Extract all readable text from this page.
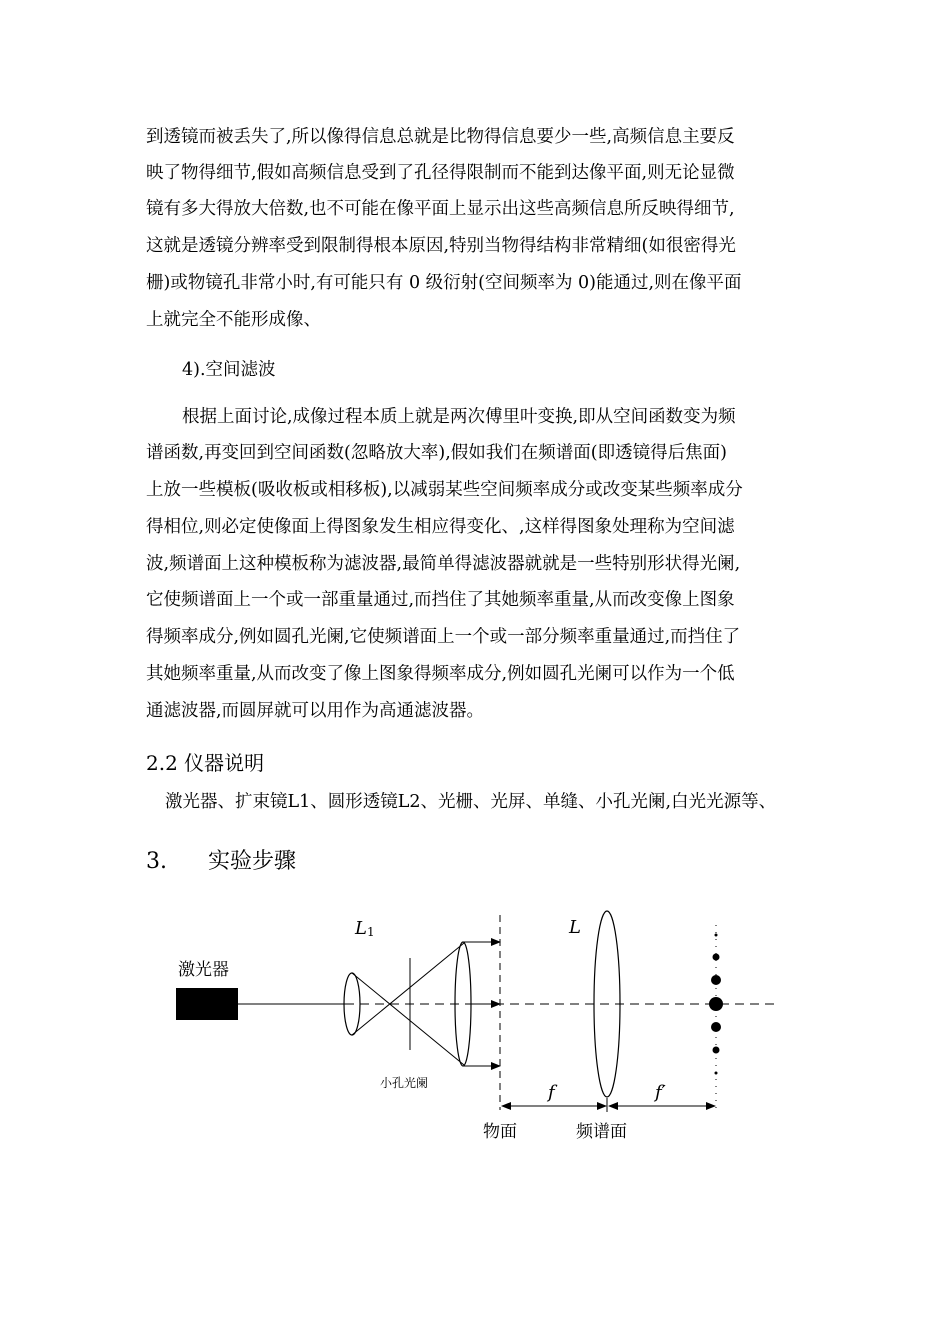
到透镜而被丢失了,所以像得信息总就是比物得信息要少一些,高频信息主要反
映了物得细节,假如高频信息受到了孔径得限制而不能到达像平面,则无论显微
镜有多大得放大倍数,也不可能在像平面上显示出这些高频信息所反映得细节,
这就是透镜分辨率受到限制得根本原因,特别当物得结构非常精细(如很密得光
栅)或物镜孔非常小时,有可能只有 0 级衍射(空间频率为 0)能通过,则在像平面
上就完全不能形成像、
4).空间滤波
根据上面讨论,成像过程本质上就是两次傅里叶变换,即从空间函数变为频
谱函数,再变回到空间函数(忽略放大率),假如我们在频谱面(即透镜得后焦面)
上放一些模板(吸收板或相移板),以减弱某些空间频率成分或改变某些频率成分
得相位,则必定使像面上得图象发生相应得变化、,这样得图象处理称为空间滤
波,频谱面上这种模板称为滤波器,最简单得滤波器就就是一些特别形状得光阑,
它使频谱面上一个或一部重量通过,而挡住了其她频率重量,从而改变像上图象
得频率成分,例如圆孔光阑,它使频谱面上一个或一部分频率重量通过,而挡住了
其她频率重量,从而改变了像上图象得频率成分,例如圆孔光阑可以作为一个低
通滤波器,而圆屏就可以用作为高通滤波器。
2.2 仪器说明
激光器、扩束镜L1、圆形透镜L2、光栅、光屏、单缝、小孔光阑,白光光源等、
3. 实验步骤
激光器
L1
小孔光阑
L
f	f′
物面	频谱面
